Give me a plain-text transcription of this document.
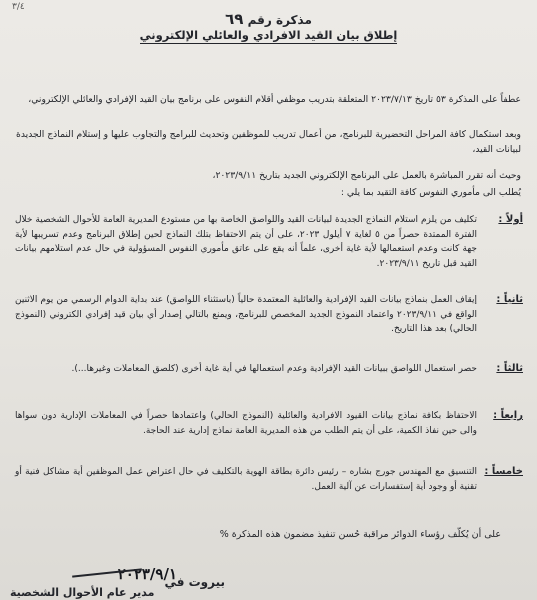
٣/٤
مذكرة رقم ٦٩
إطلاق بيان القيد الافرادي والعائلي الإلكتروني
عطفاً على المذكرة ٥٣ تاريخ ٢٠٢٣/٧/١٣ المتعلقة بتدريب موظفي أقلام النفوس على برنامج بيان القيد الإفرادي والعائلي الإلكتروني،
وبعد استكمال كافة المراحل التحضيرية للبرنامج، من أعمال تدريب للموظفين وتحديث للبرامج والتجاوب عليها و إستلام النماذج الجديدة لبيانات القيد،
وحيث أنه تقرر المباشرة بالعمل على البرنامج الإلكتروني الجديد بتاريخ ٢٠٢٣/٩/١١،
يُطلب الى مأموري النفوس كافة التقيد بما يلي :
أولاً :
تكليف من يلزم استلام النماذج الجديدة لبيانات القيد واللواصق الخاصة بها من مستودع المديرية العامة للأحوال الشخصية خلال الفترة الممتدة حصراً من ٥ لغاية ٧ أيلول ٢٠٢٣، على أن يتم الاحتفاظ بتلك النماذج لحين إطلاق البرنامج وعدم تسريبها لأية جهة كانت وعدم استعمالها لأية غاية أخرى، علماً أنه يقع على عاتق مأموري النفوس المسؤولية في حال عدم استلامهم بيانات القيد قبل تاريخ ٢٠٢٣/٩/١١.
ثانياً :
إيقاف العمل بنماذج بيانات القيد الإفرادية والعائلية المعتمدة حالياً (باستثناء اللواصق) عند بداية الدوام الرسمي من يوم الاثنين الواقع في ٢٠٢٣/٩/١١ واعتماد النموذج الجديد المخصص للبرنامج، ويمنع بالتالي إصدار أي بيان قيد إفرادي الكتروني (النموذج الحالي) بعد هذا التاريخ.
ثالثاً :
حصر استعمال اللواصق ببيانات القيد الإفرادية وعدم استعمالها في أية غاية أخرى (كلصق المعاملات وغيرها...).
رابعاً :
الاحتفاظ بكافة نماذج بيانات القيود الافرادية والعائلية (النموذج الحالي) واعتمادها حصراً في المعاملات الإدارية دون سواها والى حين نفاذ الكمية، على أن يتم الطلب من هذه المديرية العامة نماذج إدارية عند الحاجة.
خامساً :
التنسيق مع المهندس جورج بشاره – رئيس دائرة بطاقة الهوية بالتكليف في حال اعتراض عمل الموظفين أية مشاكل فنية أو تقنية أو وجود أية إستفسارات عن آلية العمل.
على أن يُكلّف رؤساء الدوائر مراقبة حُسن تنفيذ مضمون هذه المذكرة %
بيروت في
٢٠٢٣/٩/١
مدير عام الأحوال الشخصية
